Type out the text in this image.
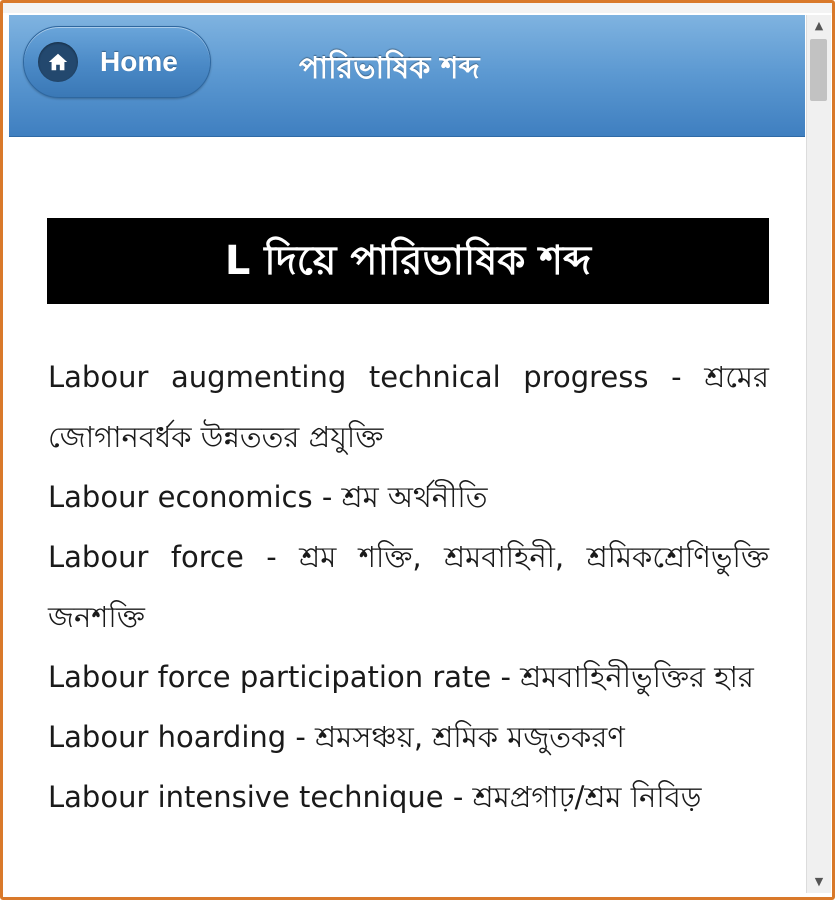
Home	পারিভাষিক শব্দ
L দিয়ে পারিভাষিক শব্দ
Labour augmenting technical progress - শ্রমের জোগানবর্ধক উন্নততর প্রযুক্তি
Labour economics - শ্রম অর্থনীতি
Labour force - শ্রম শক্তি, শ্রমবাহিনী, শ্রমিকশ্রেণিভুক্তি জনশক্তি
Labour force participation rate - শ্রমবাহিনীভুক্তির হার
Labour hoarding - শ্রমসঞ্চয়, শ্রমিক মজুতকরণ
Labour intensive technique - শ্রমপ্রগাঢ়/শ্রম নিবিড়
▲
▼
